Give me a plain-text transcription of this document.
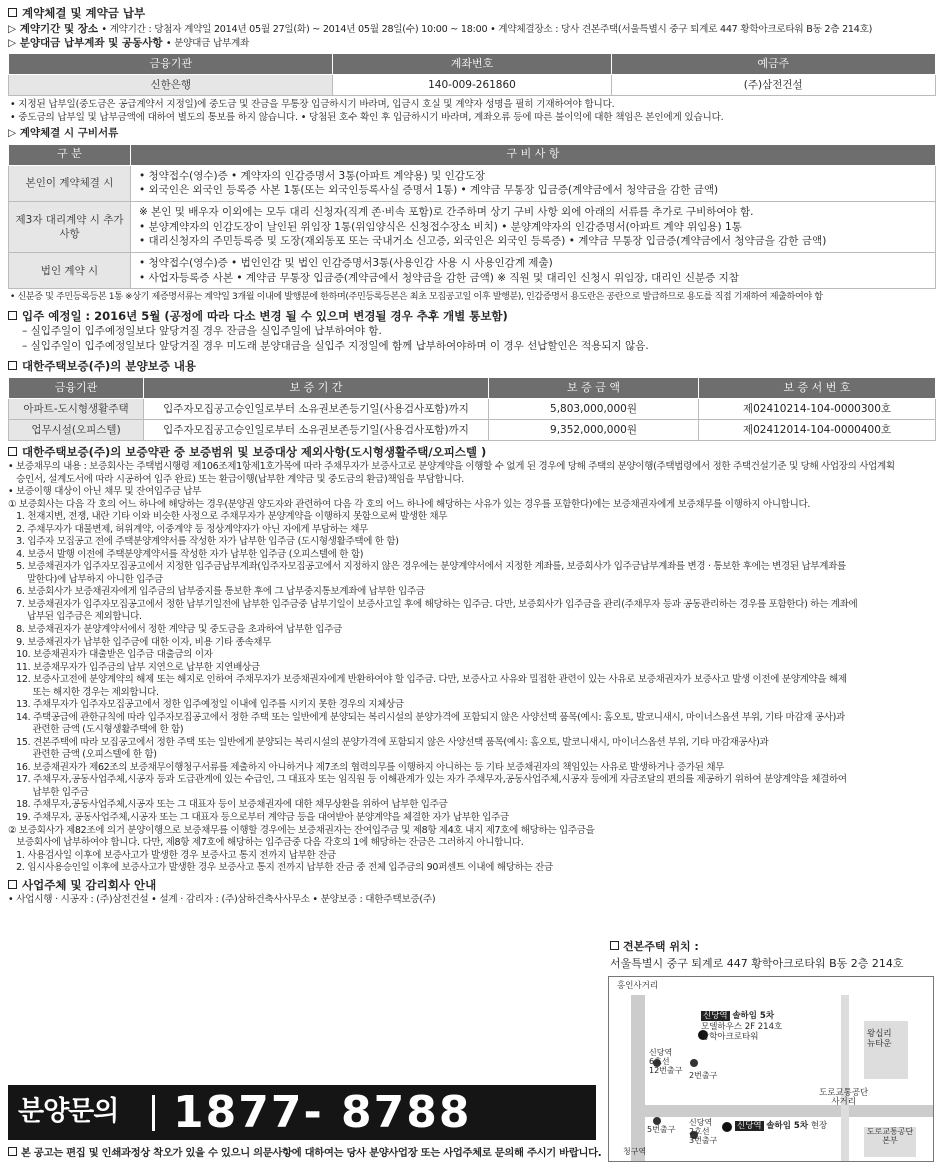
계약체결 및 계약금 납부
▷ 계약기간 및 장소 • 계약기간 : 당첨자 계약일 2014년 05월 27일(화) ~ 2014년 05월 28일(수) 10:00 ~ 18:00 • 계약체결장소 : 당사 견본주택(서울특별시 중구 퇴계로 447 황학아크로타워 B동 2층 214호)
▷ 분양대금 납부계좌 및 공동사항 • 분양대금 납부계좌
금융기관	계좌번호	예금주
신한은행	140-009-261860	(주)삼전건설
• 지정된 납부일(중도금은 공급계약서 지정일)에 중도금 및 잔금을 무통장 입금하시기 바라며, 입금시 호실 및 계약자 성명을 필히 기재하여야 합니다.
• 중도금의 납부일 및 납부금액에 대하여 별도의 통보를 하지 않습니다. • 당첨된 호수 확인 후 입금하시기 바라며, 계좌오류 등에 따른 불이익에 대한 책임은 본인에게 있습니다.
▷ 계약체결 시 구비서류
구 분	구 비 사 항
본인이 계약체결 시	• 청약접수(영수)증 • 계약자의 인감증명서 3통(아파트 계약용) 및 인감도장
• 외국인은 외국인 등록증 사본 1통(또는 외국인등록사실 증명서 1통) • 계약금 무통장 입금증(계약금에서 청약금을 감한 금액)

제3자 대리계약 시 추가사항	※ 본인 및 배우자 이외에는 모두 대리 신청자(직계 존·비속 포함)로 간주하며 상기 구비 사항 외에 아래의 서류를 추가로 구비하여야 함.
• 분양계약자의 인감도장이 날인된 위임장 1통(위임양식은 신청접수장소 비치) • 분양계약자의 인감증명서(아파트 계약 위임용) 1통
• 대리신청자의 주민등록증 및 도장(재외동포 또는 국내거소 신고증, 외국인은 외국인 등록증) • 계약금 무통장 입금증(계약금에서 청약금을 감한 금액)

법인 계약 시	• 청약접수(영수)증 • 법인인감 및 법인 인감증명서3통(사용인감 사용 시 사용인감계 제출)
• 사업자등록증 사본 • 계약금 무통장 입금증(계약금에서 청약금을 감한 금액) ※ 직원 및 대리인 신청시 위임장, 대리인 신분증 지참
• 신분증 및 주민등록등본 1통 ※상기 제증명서류는 계약일 3개월 이내에 발행분에 한하며(주민등록등본은 최초 모집공고일 이후 발행분), 인감증명서 용도란은 공란으로 발급하므로 용도를 직접 기재하여 제출하여야 함
입주 예정일 : 2016년 5월 (공정에 따라 다소 변경 될 수 있으며 변경될 경우 추후 개별 통보함)
– 실입주일이 입주예정일보다 앞당겨질 경우 잔금을 실입주일에 납부하여야 함.
– 실입주일이 입주예정일보다 앞당겨질 경우 미도래 분양대금을 실입주 지정일에 함께 납부하여야하며 이 경우 선납할인은 적용되지 않음.
대한주택보증(주)의 분양보증 내용
금융기관	보 증 기 간	보 증 금 액	보 증 서 번 호
아파트-도시형생활주택	입주자모집공고승인일로부터 소유권보존등기일(사용검사포함)까지	5,803,000,000원	제02410214-104-0000300호
업무시설(오피스텔)	입주자모집공고승인일로부터 소유권보존등기일(사용검사포함)까지	9,352,000,000원	제02412014-104-0000400호
대한주택보증(주)의 보증약관 중 보증범위 및 보증대상 제외사항(도시형생활주택/오피스텔 )
• 보증채무의 내용 : 보증회사는 주택법시행령 제106조제1항제1호가목에 따라 주채무자가 보증사고로 분양계약을 이행할 수 없게 된 경우에 당해 주택의 분양이행(주택법령에서 정한 주택건설기준 및 당해 사업장의 사업계획
승인서, 설계도서에 따라 시공하여 입주 완료) 또는 환급이행(납부한 계약금 및 중도금의 환급)책임을 부담합니다.
• 보증이행 대상이 아닌 채무 및 잔여입주금 납부
① 보증회사는 다음 각 호의 어느 하나에 해당하는 경우(분양권 양도자와 관련하여 다음 각 호의 어느 하나에 해당하는 사유가 있는 경우를 포함한다)에는 보증채권자에게 보증채무를 이행하지 아니합니다.
1. 천재지변, 전쟁, 내란 기타 이와 비슷한 사정으로 주채무자가 분양계약을 이행하지 못함으로써 발생한 채무
2. 주채무자가 대물변제, 허위계약, 이중계약 등 정상계약자가 아닌 자에게 부담하는 채무
3. 입주자 모집공고 전에 주택분양계약서를 작성한 자가 납부한 입주금 (도시형생활주택에 한 함)
4. 보증서 발행 이전에 주택분양계약서를 작성한 자가 납부한 입주금 (오피스텔에 한 함)
5. 보증채권자가 입주자모집공고에서 지정한 입주금납부계좌(입주자모집공고에서 지정하지 않은 경우에는 분양계약서에서 지정한 계좌를, 보증회사가 입주금납부계좌를 변경 · 통보한 후에는 변경된 납부계좌를
말한다)에 납부하지 아니한 입주금
6. 보증회사가 보증채권자에게 입주금의 납부중지를 통보한 후에 그 납부중지통보계좌에 납부한 입주금
7. 보증채권자가 입주자모집공고에서 정한 납부기일전에 납부한 입주금중 납부기일이 보증사고일 후에 해당하는 입주금. 다만, 보증회사가 입주금을 관리(주채무자 등과 공동관리하는 경우를 포함한다) 하는 계좌에
납부된 입주금은 제외합니다.
8. 보증채권자가 분양계약서에서 정한 계약금 및 중도금을 초과하여 납부한 입주금
9. 보증채권자가 납부한 입주금에 대한 이자, 비용 기타 종속채무
10. 보증채권자가 대출받은 입주금 대출금의 이자
11. 보증채무자가 입주금의 납부 지연으로 납부한 지연배상금
12. 보증사고전에 분양계약의 해제 또는 해지로 인하여 주채무자가 보증채권자에게 반환하여야 할 입주금. 다만, 보증사고 사유와 밀접한 관련이 있는 사유로 보증채권자가 보증사고 발생 이전에 분양계약을 해제
또는 해지한 경우는 제외합니다.
13. 주채무자가 입주자모집공고에서 정한 입주예정일 이내에 입주를 시키지 못한 경우의 지체상금
14. 주택공급에 관한규칙에 따라 입주자모집공고에서 정한 주택 또는 일반에게 분양되는 복리시설의 분양가격에 포함되지 않은 사양선택 품목(예시: 홈오토, 발코니새시, 마이너스옵션 부위, 기타 마감재 공사)과
관련한 금액 (도시형생활주택에 한 함)
15. 견본주택에 따라 모집공고에서 정한 주택 또는 일반에게 분양되는 복리시설의 분양가격에 포함되지 않은 사양선택 품목(예시: 홈오토, 발코니새시, 마이너스옵션 부위, 기타 마감재공사)과
관련한 금액 (오피스텔에 한 함)
16. 보증채권자가 제62조의 보증채무이행청구서류를 제출하지 아니하거나 제7조의 협력의무를 이행하지 아니하는 등 기타 보증채권자의 책임있는 사유로 발생하거나 증가된 채무
17. 주채무자,공동사업주체,시공자 등과 도급관계에 있는 수급인, 그 대표자 또는 임직원 등 이해관계가 있는 자가 주채무자,공동사업주체,시공자 등에게 자금조달의 편의를 제공하기 위하여 분양계약을 체결하여
납부한 입주금
18. 주채무자,공동사업주체,시공자 또는 그 대표자 등이 보증채권자에 대한 채무상환을 위하여 납부한 입주금
19. 주채무자, 공동사업주체,시공자 또는 그 대표자 등으로부터 계약금 등을 대여받아 분양계약을 체결한 자가 납부한 입주금
② 보증회사가 제82조에 의거 분양이행으로 보증채무를 이행할 경우에는 보증채권자는 잔여입주금 및 제8항 제4호 내지 제7호에 해당하는 입주금을
보증회사에 납부하여야 합니다. 다만, 제8항 제7호에 해당하는 입주금중 다음 각호의 1에 해당하는 잔금은 그러하지 아니합니다.
1. 사용검사일 이후에 보증사고가 발생한 경우 보증사고 통지 전까지 납부한 잔금
2. 임시사용승인일 이후에 보증사고가 발생한 경우 보증사고 통지 전까지 납부한 잔금 중 전체 입주금의 90퍼센트 이내에 해당하는 잔금
사업주체 및 감리회사 안내
• 사업시행 · 시공자 : (주)삼전건설 • 설계 · 감리자 : (주)삼하건축사사무소 • 분양보증 : 대한주택보증(주)
분양문의	1877- 8788
본 공고는 편집 및 인쇄과정상 착오가 있을 수 있으니 의문사항에 대하여는 당사 분양사업장 또는 사업주체로 문의해 주시기 바랍니다.
견본주택 위치 :
서울특별시 중구 퇴계로 447 황학아크로타워 B동 2층 214호
홍인사거리
신당역
6호선
12번출구
2번출구
신당역 솔하임 5차
모델하우스 2F 214호
황학아크로타워	왕십리
뉴타운
도로교통공단
사거리
5번출구
신당역
2호선
3번출구
신당역 솔하임 5차 현장
도로교통공단
본부
청구역
